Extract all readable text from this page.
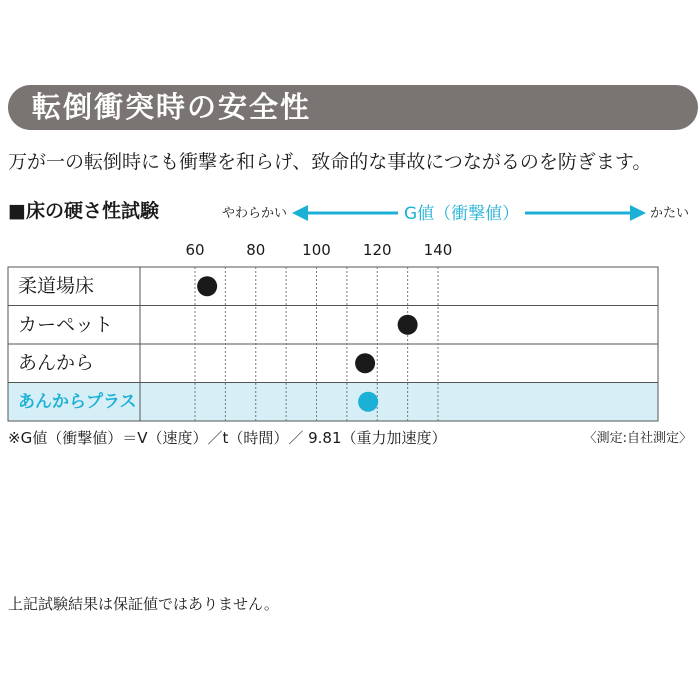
転倒衝突時の安全性
万が一の転倒時にも衝撃を和らげ、致命的な事故につながるのを防ぎます。
■床の硬さ性試験	やわらかい	G値（衝撃値）	かたい
60	80	100	120	140
柔道場床
カーペット
あんから
あんからプラス
※G値（衝撃値）＝V（速度）／t（時間）／ 9.81（重力加速度）	〈測定:自社測定〉
上記試験結果は保証値ではありません。
